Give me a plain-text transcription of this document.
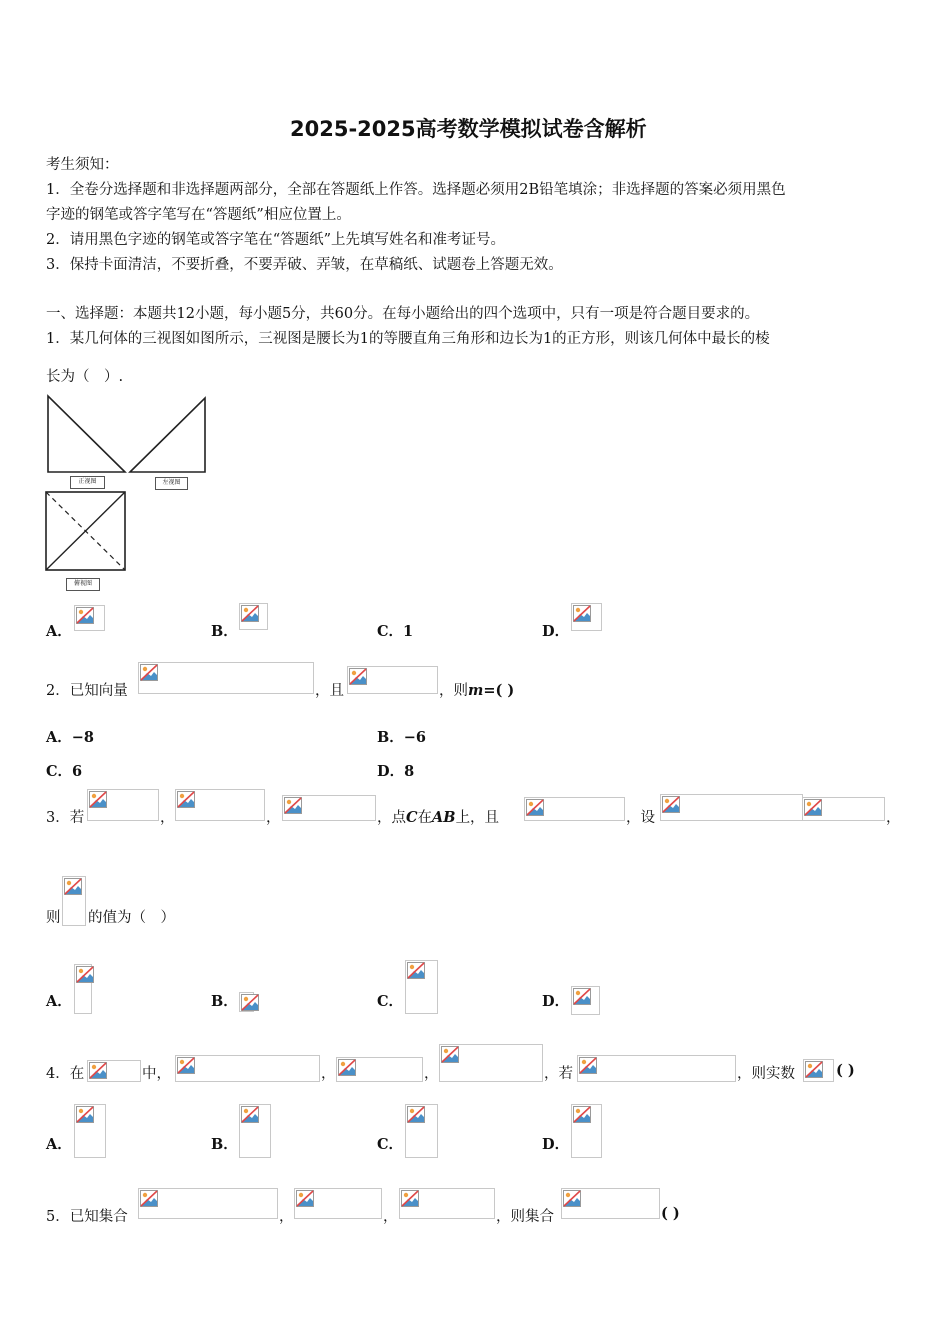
2025-2025高考数学模拟试卷含解析
考生须知：
1．全卷分选择题和非选择题两部分，全部在答题纸上作答。选择题必须用2B铅笔填涂；非选择题的答案必须用黑色
字迹的钢笔或答字笔写在“答题纸”相应位置上。
2．请用黑色字迹的钢笔或答字笔在“答题纸”上先填写姓名和准考证号。
3．保持卡面清洁，不要折叠，不要弄破、弄皱，在草稿纸、试题卷上答题无效。
一、选择题：本题共12小题，每小题5分，共60分。在每小题给出的四个选项中，只有一项是符合题目要求的。
1．某几何体的三视图如图所示，三视图是腰长为1的等腰直角三角形和边长为1的正方形，则该几何体中最长的棱
长为（　）.
正视图	左视图
俯视图
A．	B．	C．1	D．
2．已知向量	，且	，则m=( )
A．−8	B．−6
C．6	D．8
3．若	，	，	，点C在AB上，且	，设	，
则 的值为（　）
A．	B．	C．	D．
4．在	中，	，	，	，若	，则实数	( )
A．	B．	C．	D．
5．已知集合	，	，	，则集合	( )
